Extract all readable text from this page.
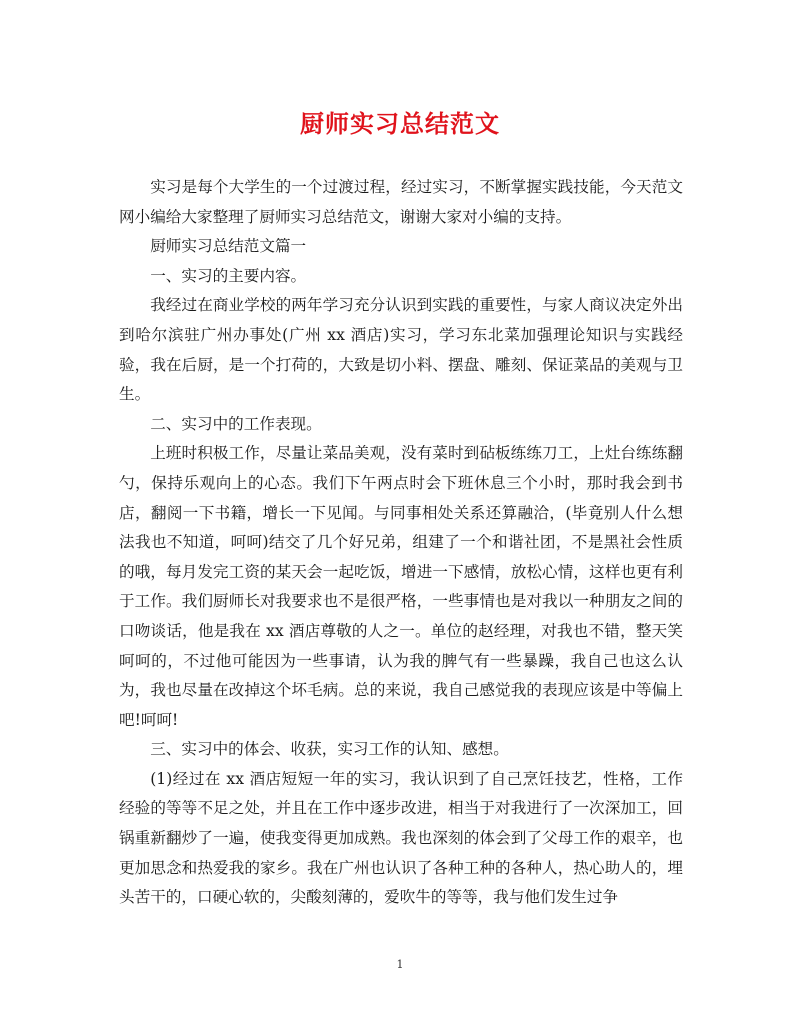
厨师实习总结范文

实习是每个大学生的一个过渡过程，经过实习，不断掌握实践技能，今天范文网小编给大家整理了厨师实习总结范文，谢谢大家对小编的支持。

厨师实习总结范文篇一

一、实习的主要内容。

我经过在商业学校的两年学习充分认识到实践的重要性，与家人商议决定外出到哈尔滨驻广州办事处(广州 xx 酒店)实习，学习东北菜加强理论知识与实践经验，我在后厨，是一个打荷的，大致是切小料、摆盘、雕刻、保证菜品的美观与卫生。

二、实习中的工作表现。

上班时积极工作，尽量让菜品美观，没有菜时到砧板练练刀工，上灶台练练翻勺，保持乐观向上的心态。我们下午两点时会下班休息三个小时，那时我会到书店，翻阅一下书籍，增长一下见闻。与同事相处关系还算融洽，(毕竟别人什么想法我也不知道，呵呵)结交了几个好兄弟，组建了一个和谐社团，不是黑社会性质的哦，每月发完工资的某天会一起吃饭，增进一下感情，放松心情，这样也更有利于工作。我们厨师长对我要求也不是很严格，一些事情也是对我以一种朋友之间的口吻谈话，他是我在 xx 酒店尊敬的人之一。单位的赵经理，对我也不错，整天笑呵呵的，不过他可能因为一些事请，认为我的脾气有一些暴躁，我自己也这么认为，我也尽量在改掉这个坏毛病。总的来说，我自己感觉我的表现应该是中等偏上吧!呵呵!

三、实习中的体会、收获，实习工作的认知、感想。

(1)经过在 xx 酒店短短一年的实习，我认识到了自己烹饪技艺，性格，工作经验的等等不足之处，并且在工作中逐步改进，相当于对我进行了一次深加工，回锅重新翻炒了一遍，使我变得更加成熟。我也深刻的体会到了父母工作的艰辛，也更加思念和热爱我的家乡。我在广州也认识了各种工种的各种人，热心助人的，埋头苦干的，口硬心软的，尖酸刻薄的，爱吹牛的等等，我与他们发生过争

1
